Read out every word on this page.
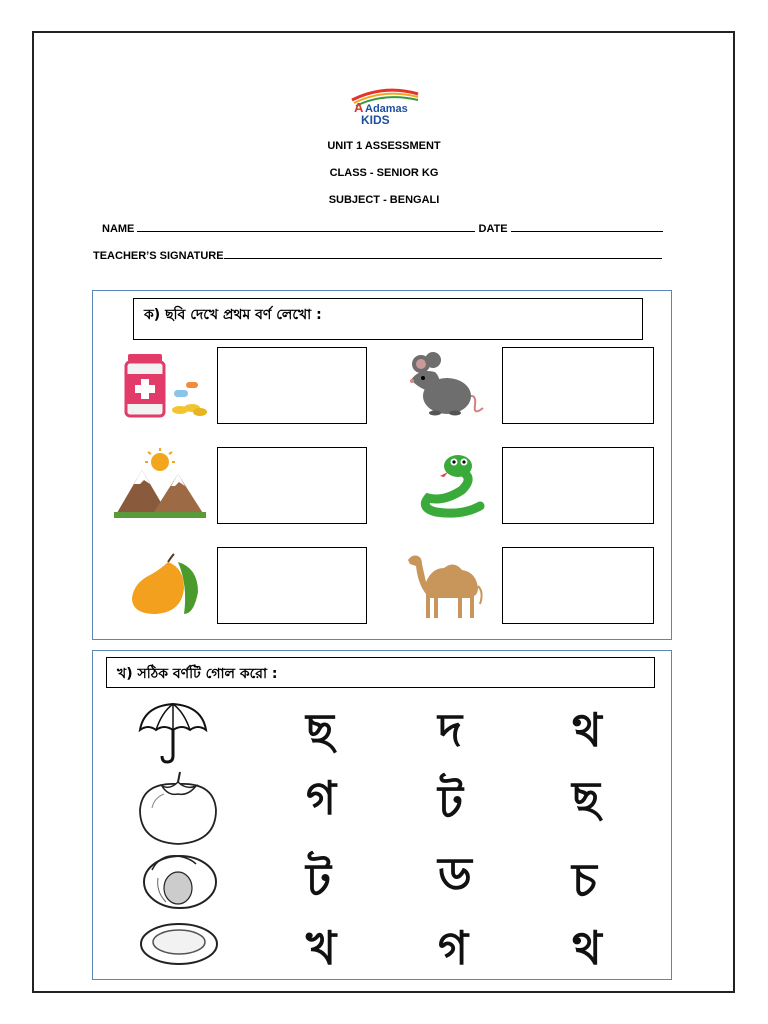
A Adamas
KIDS
UNIT 1 ASSESSMENT
CLASS - SENIOR KG
SUBJECT - BENGALI
NAME	DATE
TEACHER’S SIGNATURE
ক) ছবি দেখে প্রথম বর্ণ লেখো :
খ) সঠিক বর্ণটি গোল করো :
ছ দ থ
গ ট ছ
ট ড চ
খ গ থ
